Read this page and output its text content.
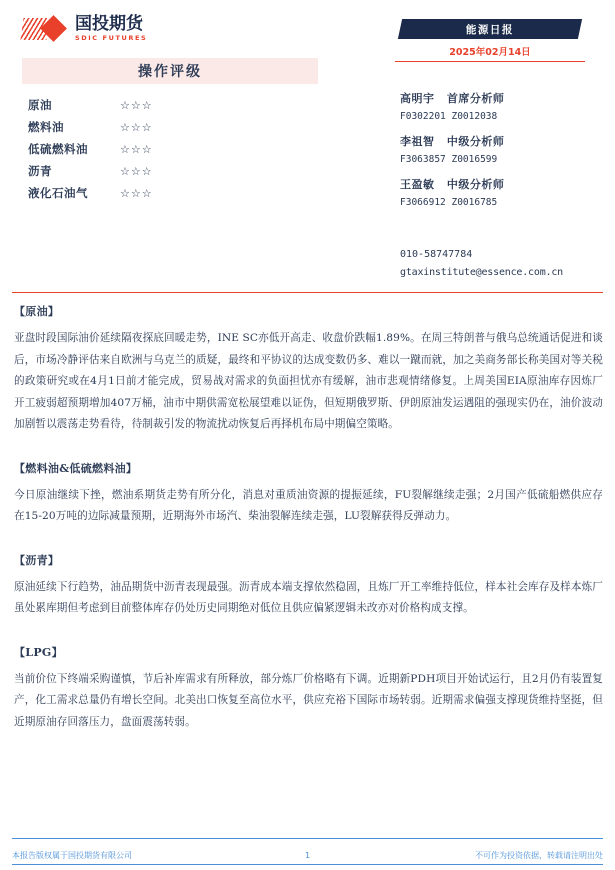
国投期货
SDIC FUTURES
操作评级
原油	☆☆☆
燃料油	☆☆☆
低硫燃料油	☆☆☆
沥青	☆☆☆
液化石油气	☆☆☆
能源日报
2025年02月14日
高明宇 首席分析师
F0302201 Z0012038
李祖智 中级分析师
F3063857 Z0016599
王盈敏 中级分析师
F3066912 Z0016785
010-58747784
gtaxinstitute@essence.com.cn
【原油】
亚盘时段国际油价延续隔夜探底回暖走势，INE SC亦低开高走、收盘价跌幅1.89%。在周三特朗普与俄乌总统通话促进和谈后，市场冷静评估来自欧洲与乌克兰的质疑，最终和平协议的达成变数仍多、难以一蹴而就，加之美商务部长称美国对等关税的政策研究或在4月1日前才能完成，贸易战对需求的负面担忧亦有缓解，油市悲观情绪修复。上周美国EIA原油库存因炼厂开工疲弱超预期增加407万桶，油市中期供需宽松展望难以证伪，但短期俄罗斯、伊朗原油发运遇阻的强现实仍在，油价波动加剧暂以震荡走势看待，待制裁引发的物流扰动恢复后再择机布局中期偏空策略。
【燃料油&低硫燃料油】
今日原油继续下挫，燃油系期货走势有所分化，消息对重质油资源的提振延续，FU裂解继续走强；2月国产低硫船燃供应存在15-20万吨的边际减量预期，近期海外市场汽、柴油裂解连续走强，LU裂解获得反弹动力。
【沥青】
原油延续下行趋势，油品期货中沥青表现最强。沥青成本端支撑依然稳固，且炼厂开工率维持低位，样本社会库存及样本炼厂虽处累库期但考虑到目前整体库存仍处历史同期绝对低位且供应偏紧逻辑未改亦对价格构成支撑。
【LPG】
当前价位下终端采购谨慎，节后补库需求有所释放，部分炼厂价格略有下调。近期新PDH项目开始试运行，且2月仍有装置复产，化工需求总量仍有增长空间。北美出口恢复至高位水平，供应充裕下国际市场转弱。近期需求偏强支撑现货维持坚挺，但近期原油存回落压力，盘面震荡转弱。
本报告版权属于国投期货有限公司	1	不可作为投资依据，转载请注明出处
